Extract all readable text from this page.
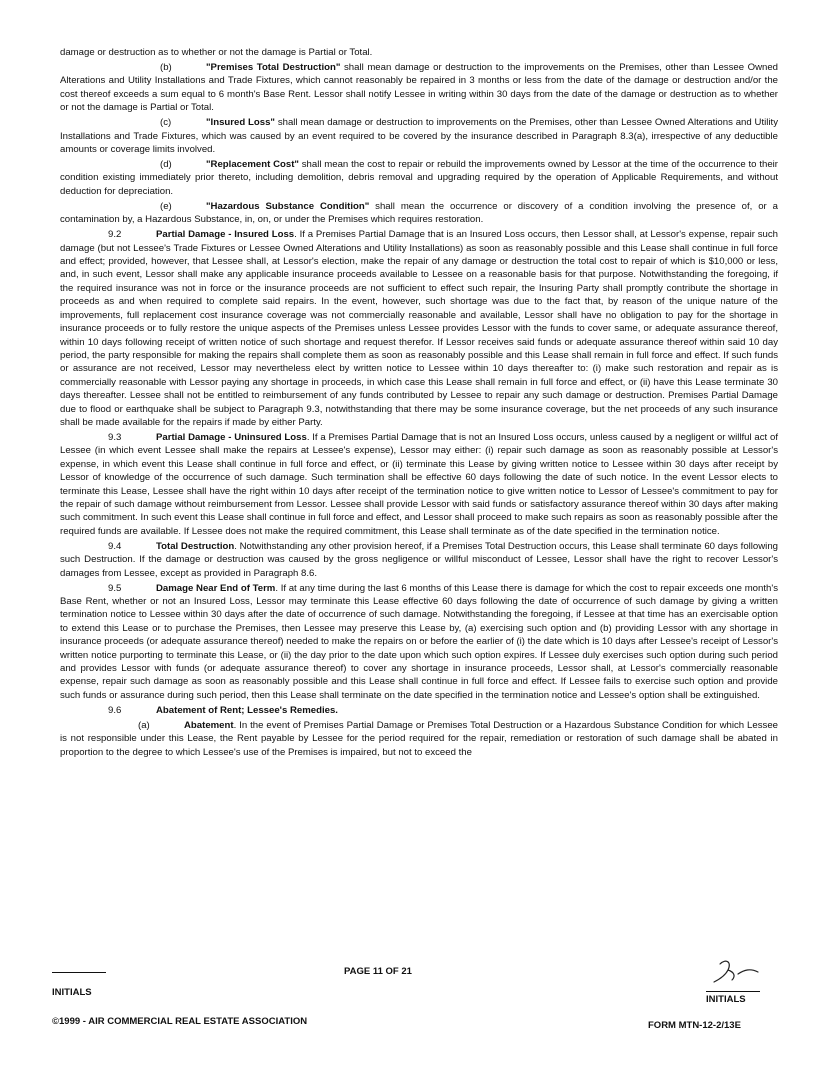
damage or destruction as to whether or not the damage is Partial or Total.

(b)	"Premises Total Destruction" shall mean damage or destruction to the improvements on the Premises, other than Lessee Owned Alterations and Utility Installations and Trade Fixtures, which cannot reasonably be repaired in 3 months or less from the date of the damage or destruction and/or the cost thereof exceeds a sum equal to 6 month's Base Rent. Lessor shall notify Lessee in writing within 30 days from the date of the damage or destruction as to whether or not the damage is Partial or Total.

(c)	"Insured Loss" shall mean damage or destruction to improvements on the Premises, other than Lessee Owned Alterations and Utility Installations and Trade Fixtures, which was caused by an event required to be covered by the insurance described in Paragraph 8.3(a), irrespective of any deductible amounts or coverage limits involved.

(d)	"Replacement Cost" shall mean the cost to repair or rebuild the improvements owned by Lessor at the time of the occurrence to their condition existing immediately prior thereto, including demolition, debris removal and upgrading required by the operation of Applicable Requirements, and without deduction for depreciation.

(e)	"Hazardous Substance Condition" shall mean the occurrence or discovery of a condition involving the presence of, or a contamination by, a Hazardous Substance, in, on, or under the Premises which requires restoration.

9.2	Partial Damage - Insured Loss. If a Premises Partial Damage that is an Insured Loss occurs, then Lessor shall, at Lessor's expense, repair such damage (but not Lessee's Trade Fixtures or Lessee Owned Alterations and Utility Installations) as soon as reasonably possible and this Lease shall continue in full force and effect; provided, however, that Lessee shall, at Lessor's election, make the repair of any damage or destruction the total cost to repair of which is $10,000 or less, and, in such event, Lessor shall make any applicable insurance proceeds available to Lessee on a reasonable basis for that purpose. Notwithstanding the foregoing, if the required insurance was not in force or the insurance proceeds are not sufficient to effect such repair, the Insuring Party shall promptly contribute the shortage in proceeds as and when required to complete said repairs. In the event, however, such shortage was due to the fact that, by reason of the unique nature of the improvements, full replacement cost insurance coverage was not commercially reasonable and available, Lessor shall have no obligation to pay for the shortage in insurance proceeds or to fully restore the unique aspects of the Premises unless Lessee provides Lessor with the funds to cover same, or adequate assurance thereof, within 10 days following receipt of written notice of such shortage and request therefor. If Lessor receives said funds or adequate assurance thereof within said 10 day period, the party responsible for making the repairs shall complete them as soon as reasonably possible and this Lease shall remain in full force and effect. If such funds or assurance are not received, Lessor may nevertheless elect by written notice to Lessee within 10 days thereafter to: (i) make such restoration and repair as is commercially reasonable with Lessor paying any shortage in proceeds, in which case this Lease shall remain in full force and effect, or (ii) have this Lease terminate 30 days thereafter. Lessee shall not be entitled to reimbursement of any funds contributed by Lessee to repair any such damage or destruction. Premises Partial Damage due to flood or earthquake shall be subject to Paragraph 9.3, notwithstanding that there may be some insurance coverage, but the net proceeds of any such insurance shall be made available for the repairs if made by either Party.

9.3	Partial Damage - Uninsured Loss. If a Premises Partial Damage that is not an Insured Loss occurs, unless caused by a negligent or willful act of Lessee (in which event Lessee shall make the repairs at Lessee's expense), Lessor may either: (i) repair such damage as soon as reasonably possible at Lessor's expense, in which event this Lease shall continue in full force and effect, or (ii) terminate this Lease by giving written notice to Lessee within 30 days after receipt by Lessor of knowledge of the occurrence of such damage. Such termination shall be effective 60 days following the date of such notice. In the event Lessor elects to terminate this Lease, Lessee shall have the right within 10 days after receipt of the termination notice to give written notice to Lessor of Lessee's commitment to pay for the repair of such damage without reimbursement from Lessor. Lessee shall provide Lessor with said funds or satisfactory assurance thereof within 30 days after making such commitment. In such event this Lease shall continue in full force and effect, and Lessor shall proceed to make such repairs as soon as reasonably possible after the required funds are available. If Lessee does not make the required commitment, this Lease shall terminate as of the date specified in the termination notice.

9.4	Total Destruction. Notwithstanding any other provision hereof, if a Premises Total Destruction occurs, this Lease shall terminate 60 days following such Destruction. If the damage or destruction was caused by the gross negligence or willful misconduct of Lessee, Lessor shall have the right to recover Lessor's damages from Lessee, except as provided in Paragraph 8.6.

9.5	Damage Near End of Term. If at any time during the last 6 months of this Lease there is damage for which the cost to repair exceeds one month's Base Rent, whether or not an Insured Loss, Lessor may terminate this Lease effective 60 days following the date of occurrence of such damage by giving a written termination notice to Lessee within 30 days after the date of occurrence of such damage. Notwithstanding the foregoing, if Lessee at that time has an exercisable option to extend this Lease or to purchase the Premises, then Lessee may preserve this Lease by, (a) exercising such option and (b) providing Lessor with any shortage in insurance proceeds (or adequate assurance thereof) needed to make the repairs on or before the earlier of (i) the date which is 10 days after Lessee's receipt of Lessor's written notice purporting to terminate this Lease, or (ii) the day prior to the date upon which such option expires. If Lessee duly exercises such option during such period and provides Lessor with funds (or adequate assurance thereof) to cover any shortage in insurance proceeds, Lessor shall, at Lessor's commercially reasonable expense, repair such damage as soon as reasonably possible and this Lease shall continue in full force and effect. If Lessee fails to exercise such option and provide such funds or assurance during such period, then this Lease shall terminate on the date specified in the termination notice and Lessee's option shall be extinguished.

9.6	Abatement of Rent; Lessee's Remedies.

(a)	Abatement. In the event of Premises Partial Damage or Premises Total Destruction or a Hazardous Substance Condition for which Lessee is not responsible under this Lease, the Rent payable by Lessee for the period required for the repair, remediation or restoration of such damage shall be abated in proportion to the degree to which Lessee's use of the Premises is impaired, but not to exceed the

INITIALS
PAGE 11 OF 21
INITIALS
©1999 - AIR COMMERCIAL REAL ESTATE ASSOCIATION	FORM MTN-12-2/13E
